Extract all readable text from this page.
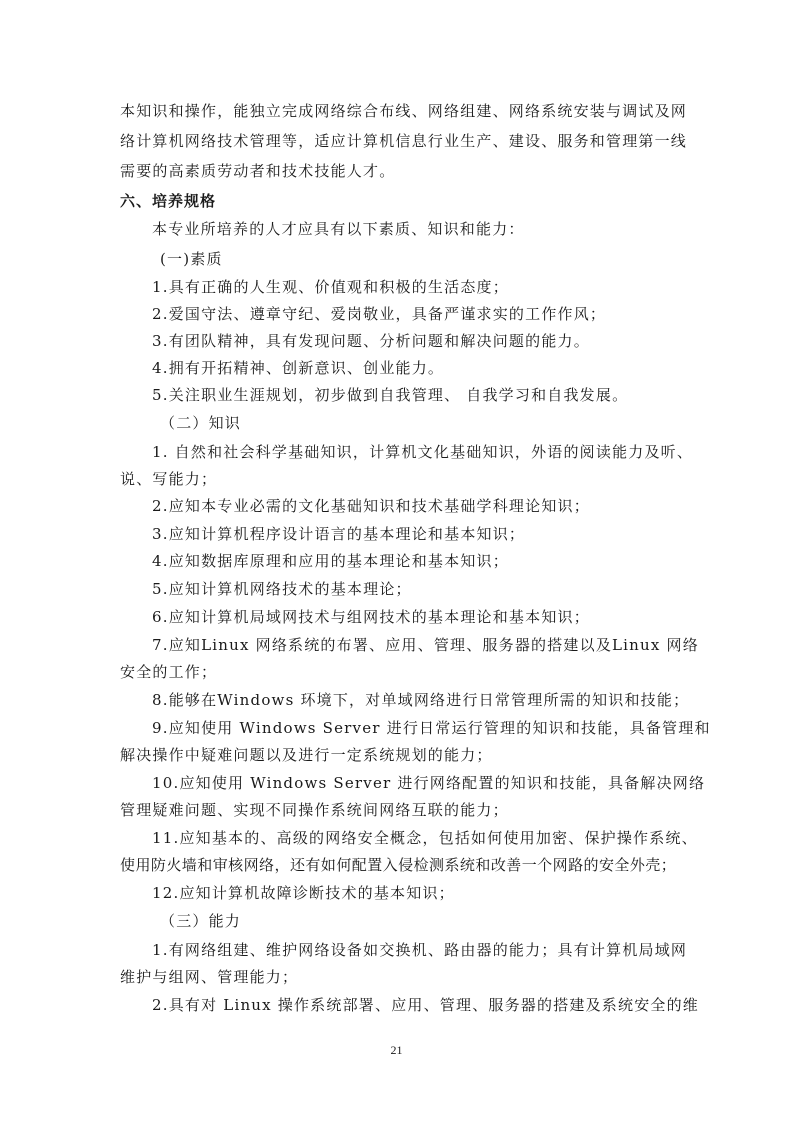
本知识和操作，能独立完成网络综合布线、网络组建、网络系统安装与调试及网
络计算机网络技术管理等，适应计算机信息行业生产、建设、服务和管理第一线
需要的高素质劳动者和技术技能人才。
六、培养规格
本专业所培养的人才应具有以下素质、知识和能力：
(一)素质
1.具有正确的人生观、价值观和积极的生活态度；
2.爱国守法、遵章守纪、爱岗敬业，具备严谨求实的工作作风；
3.有团队精神，具有发现问题、分析问题和解决问题的能力。
4.拥有开拓精神、创新意识、创业能力。
5.关注职业生涯规划，初步做到自我管理、 自我学习和自我发展。
（二）知识
1. 自然和社会科学基础知识，计算机文化基础知识，外语的阅读能力及听、
说、写能力；
2.应知本专业必需的文化基础知识和技术基础学科理论知识；
3.应知计算机程序设计语言的基本理论和基本知识；
4.应知数据库原理和应用的基本理论和基本知识；
5.应知计算机网络技术的基本理论；
6.应知计算机局域网技术与组网技术的基本理论和基本知识；
7.应知Linux 网络系统的布署、应用、管理、服务器的搭建以及Linux 网络
安全的工作；
8.能够在Windows 环境下，对单域网络进行日常管理所需的知识和技能；
9.应知使用 Windows Server 进行日常运行管理的知识和技能，具备管理和
解决操作中疑难问题以及进行一定系统规划的能力；
10.应知使用 Windows Server 进行网络配置的知识和技能，具备解决网络
管理疑难问题、实现不同操作系统间网络互联的能力；
11.应知基本的、高级的网络安全概念，包括如何使用加密、保护操作系统、
使用防火墙和审核网络，还有如何配置入侵检测系统和改善一个网路的安全外壳；
12.应知计算机故障诊断技术的基本知识；
（三）能力
1.有网络组建、维护网络设备如交换机、路由器的能力；具有计算机局域网
维护与组网、管理能力；
2.具有对 Linux 操作系统部署、应用、管理、服务器的搭建及系统安全的维
21
